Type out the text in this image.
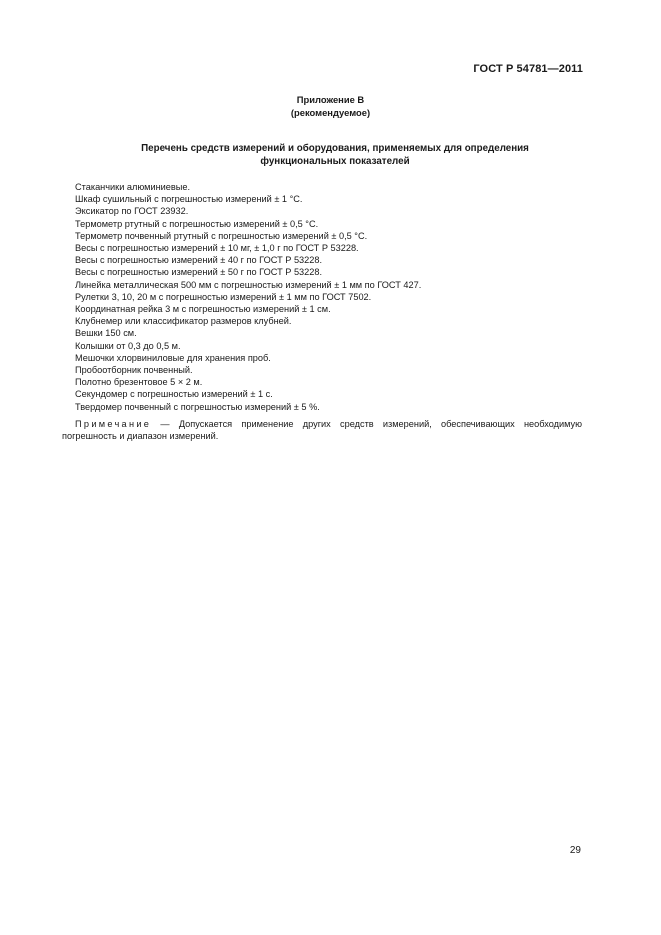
ГОСТ Р 54781—2011
Приложение В
(рекомендуемое)
Перечень средств измерений и оборудования, применяемых для определения
функциональных показателей
Стаканчики алюминиевые.
Шкаф сушильный с погрешностью измерений ± 1 °С.
Эксикатор по ГОСТ 23932.
Термометр ртутный с погрешностью измерений ± 0,5 °С.
Термометр почвенный ртутный с погрешностью измерений ± 0,5 °С.
Весы с погрешностью измерений ± 10 мг, ± 1,0 г по ГОСТ Р 53228.
Весы с погрешностью измерений ± 40 г по ГОСТ Р 53228.
Весы с погрешностью измерений ± 50 г по ГОСТ Р 53228.
Линейка металлическая 500 мм с погрешностью измерений ± 1 мм по ГОСТ 427.
Рулетки 3, 10, 20 м с погрешностью измерений ± 1 мм по ГОСТ 7502.
Координатная рейка 3 м с погрешностью измерений ± 1 см.
Клубнемер или классификатор размеров клубней.
Вешки 150 см.
Колышки от 0,3 до 0,5 м.
Мешочки хлорвиниловые для хранения проб.
Пробоотборник почвенный.
Полотно брезентовое 5 × 2 м.
Секундомер с погрешностью измерений ± 1 с.
Твердомер почвенный с погрешностью измерений ± 5 %.
Примечание — Допускается применение других средств измерений, обеспечивающих необходимую погрешность и диапазон измерений.
29
